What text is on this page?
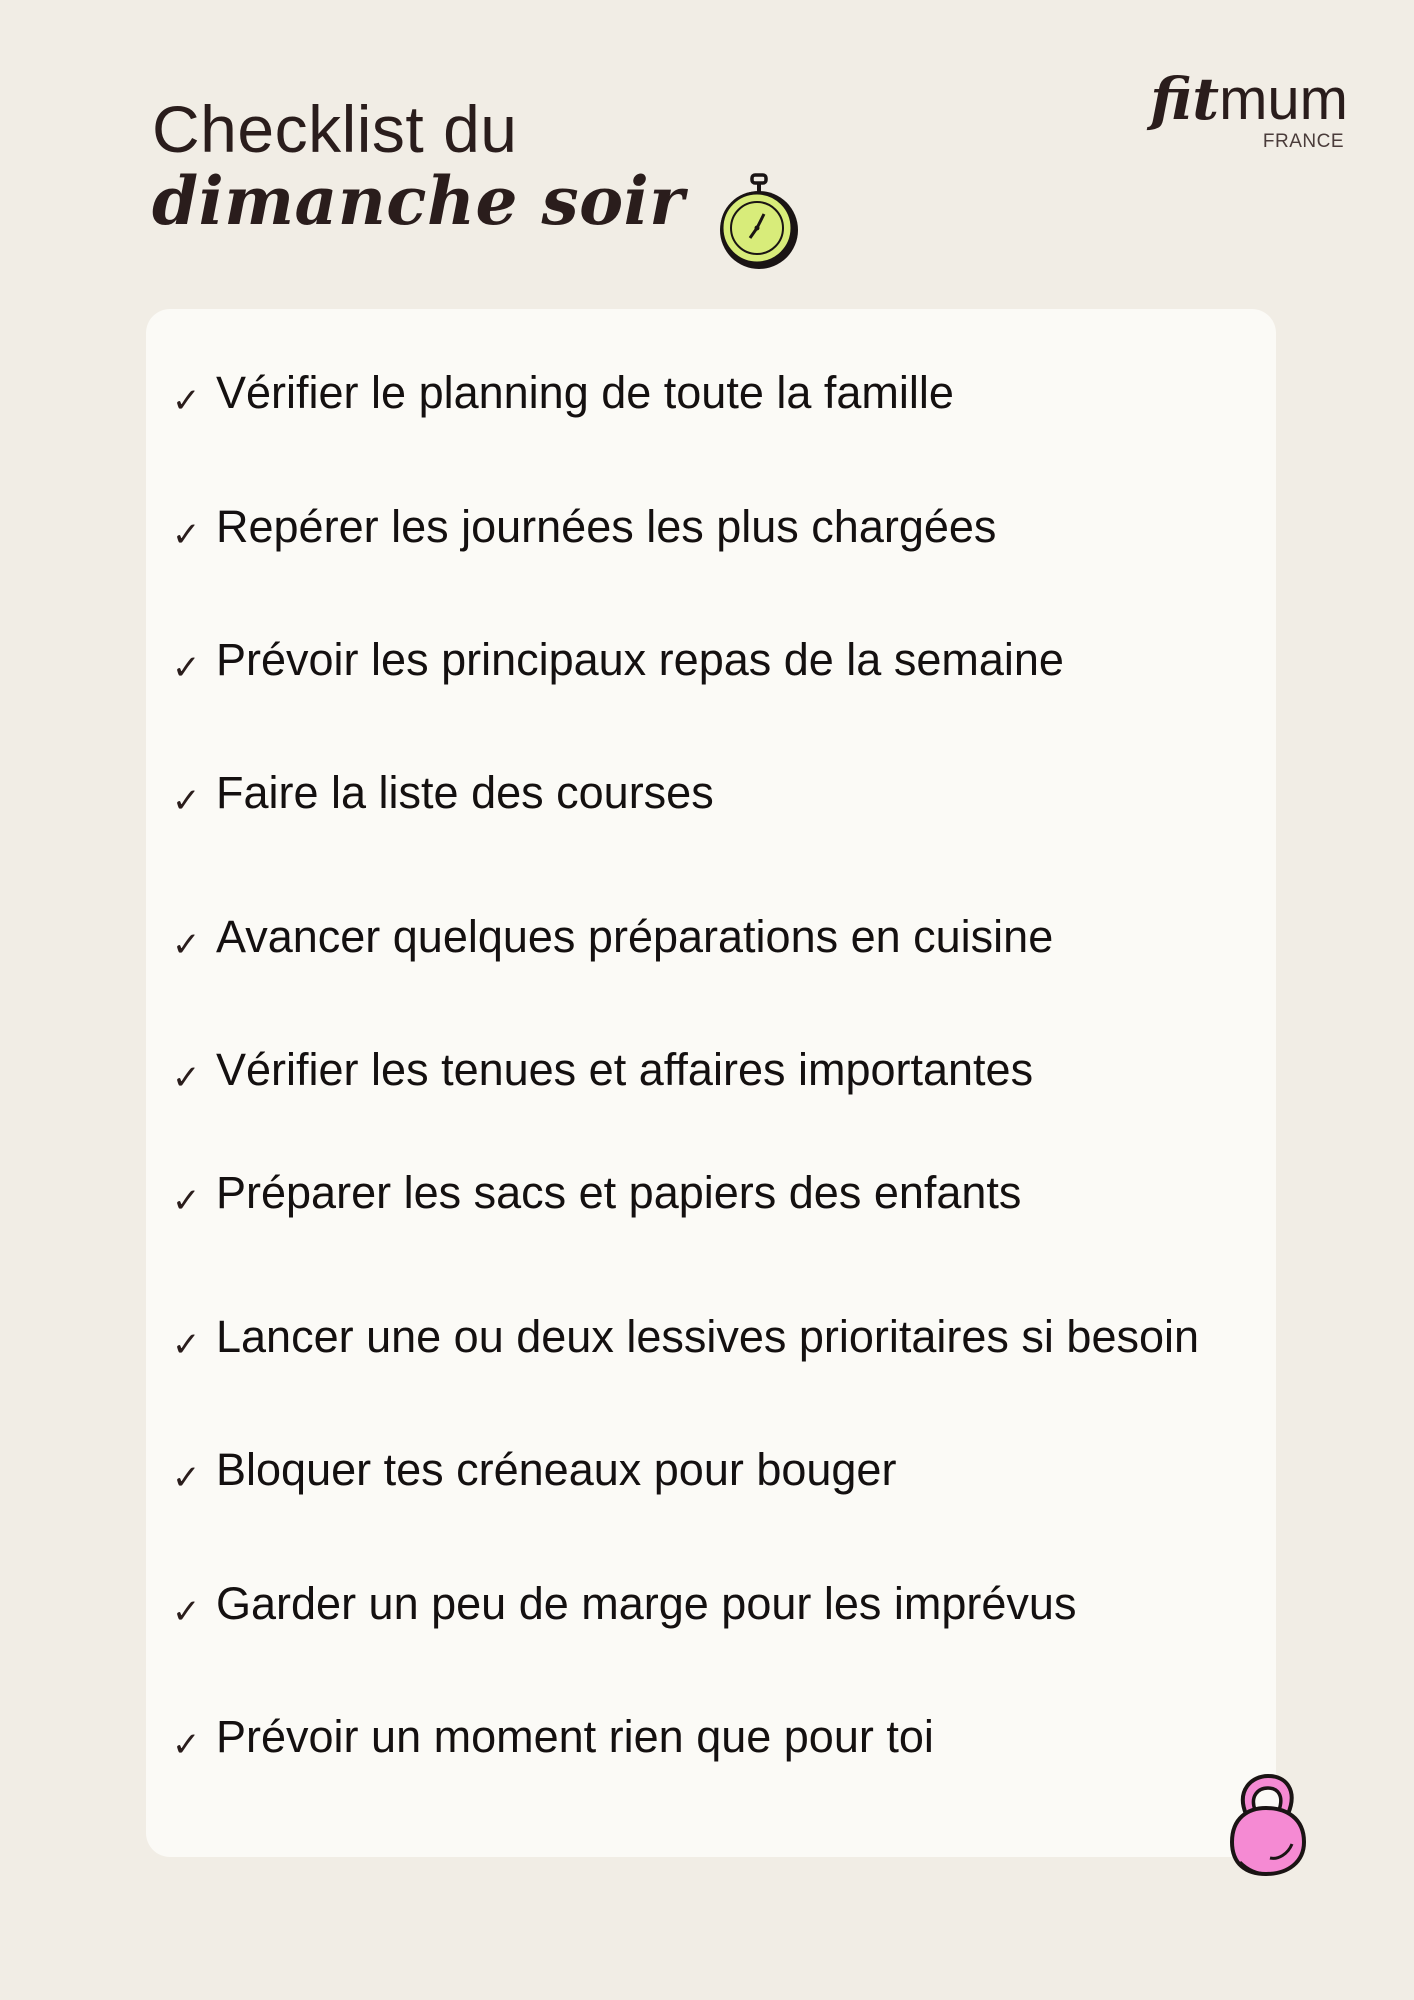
Checklist du
dimanche soir
fitmum
FRANCE
✓ Vérifier le planning de toute la famille
✓ Repérer les journées les plus chargées
✓ Prévoir les principaux repas de la semaine
✓ Faire la liste des courses
✓ Avancer quelques préparations en cuisine
✓ Vérifier les tenues et affaires importantes
✓ Préparer les sacs et papiers des enfants
✓ Lancer une ou deux lessives prioritaires si besoin
✓ Bloquer tes créneaux pour bouger
✓ Garder un peu de marge pour les imprévus
✓ Prévoir un moment rien que pour toi
